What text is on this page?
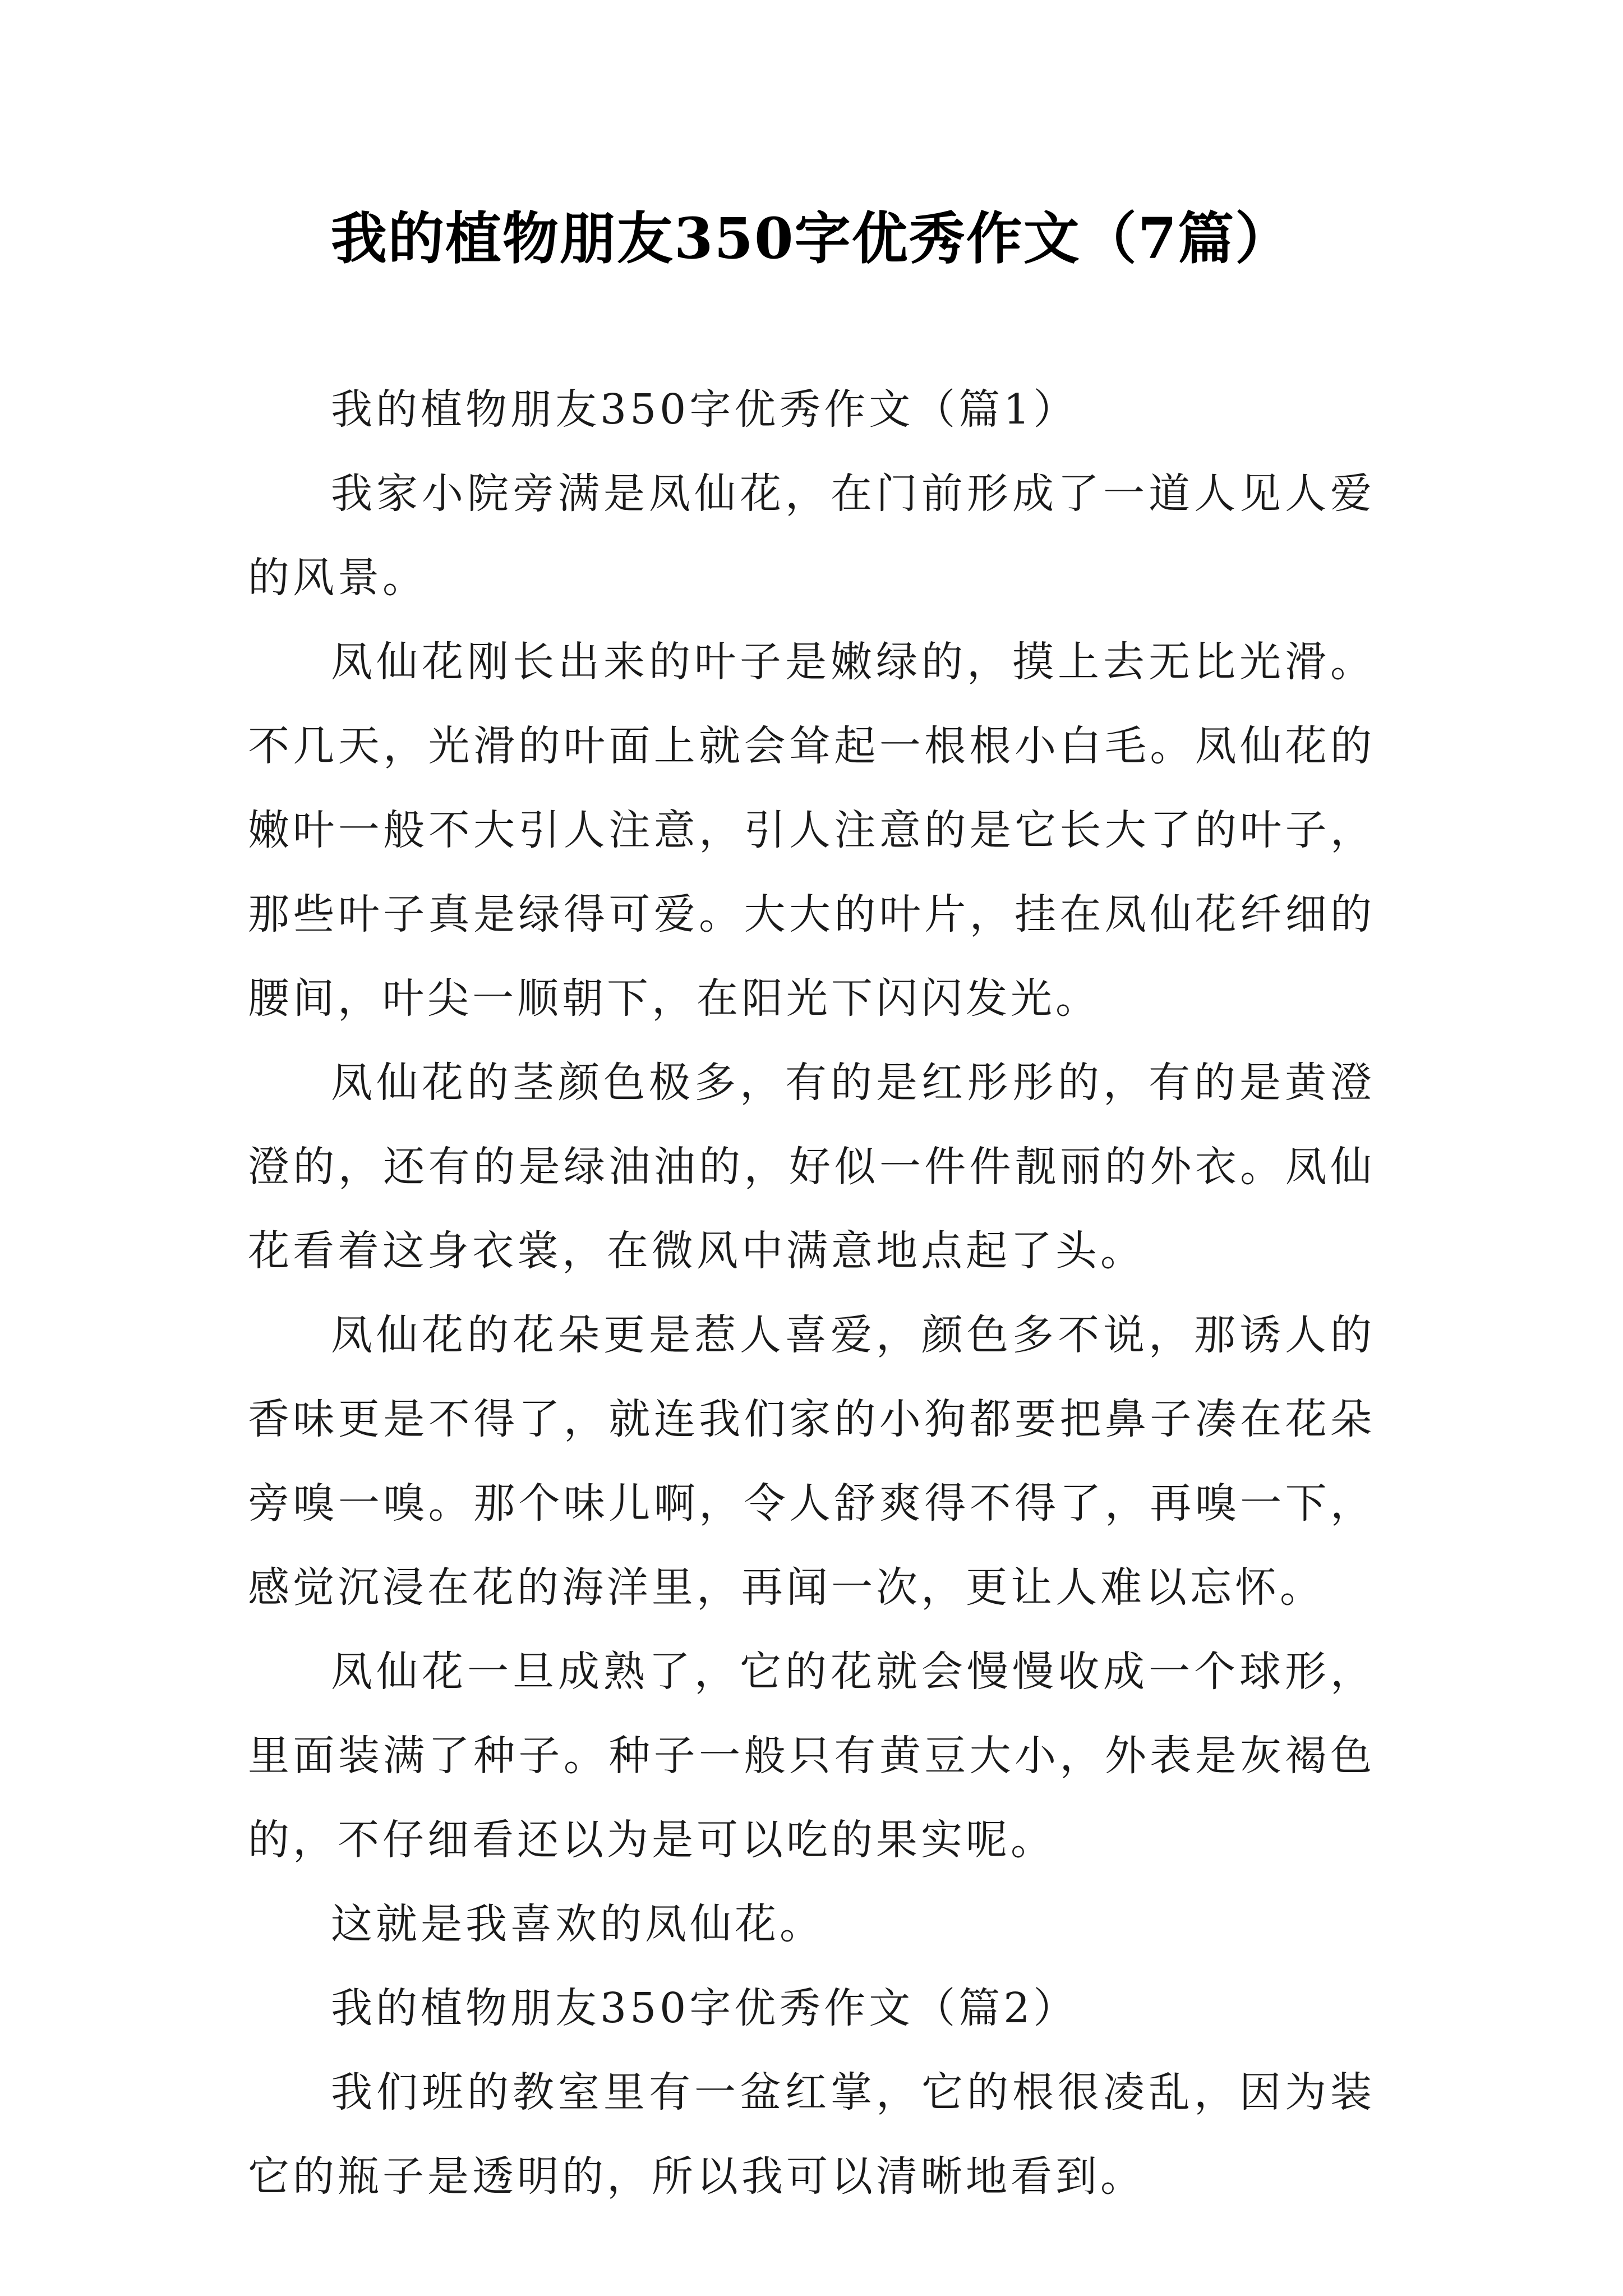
我的植物朋友350字优秀作文（7篇）

我的植物朋友350字优秀作文（篇1）

我家小院旁满是凤仙花，在门前形成了一道人见人爱的风景。

凤仙花刚长出来的叶子是嫩绿的，摸上去无比光滑。不几天，光滑的叶面上就会耸起一根根小白毛。凤仙花的嫩叶一般不大引人注意，引人注意的是它长大了的叶子，那些叶子真是绿得可爱。大大的叶片，挂在凤仙花纤细的腰间，叶尖一顺朝下，在阳光下闪闪发光。

凤仙花的茎颜色极多，有的是红彤彤的，有的是黄澄澄的，还有的是绿油油的，好似一件件靓丽的外衣。凤仙花看着这身衣裳，在微风中满意地点起了头。

凤仙花的花朵更是惹人喜爱，颜色多不说，那诱人的香味更是不得了，就连我们家的小狗都要把鼻子凑在花朵旁嗅一嗅。那个味儿啊，令人舒爽得不得了，再嗅一下，感觉沉浸在花的海洋里，再闻一次，更让人难以忘怀。

凤仙花一旦成熟了，它的花就会慢慢收成一个球形，里面装满了种子。种子一般只有黄豆大小，外表是灰褐色的，不仔细看还以为是可以吃的果实呢。

这就是我喜欢的凤仙花。

我的植物朋友350字优秀作文（篇2）

我们班的教室里有一盆红掌，它的根很凌乱，因为装它的瓶子是透明的，所以我可以清晰地看到。
